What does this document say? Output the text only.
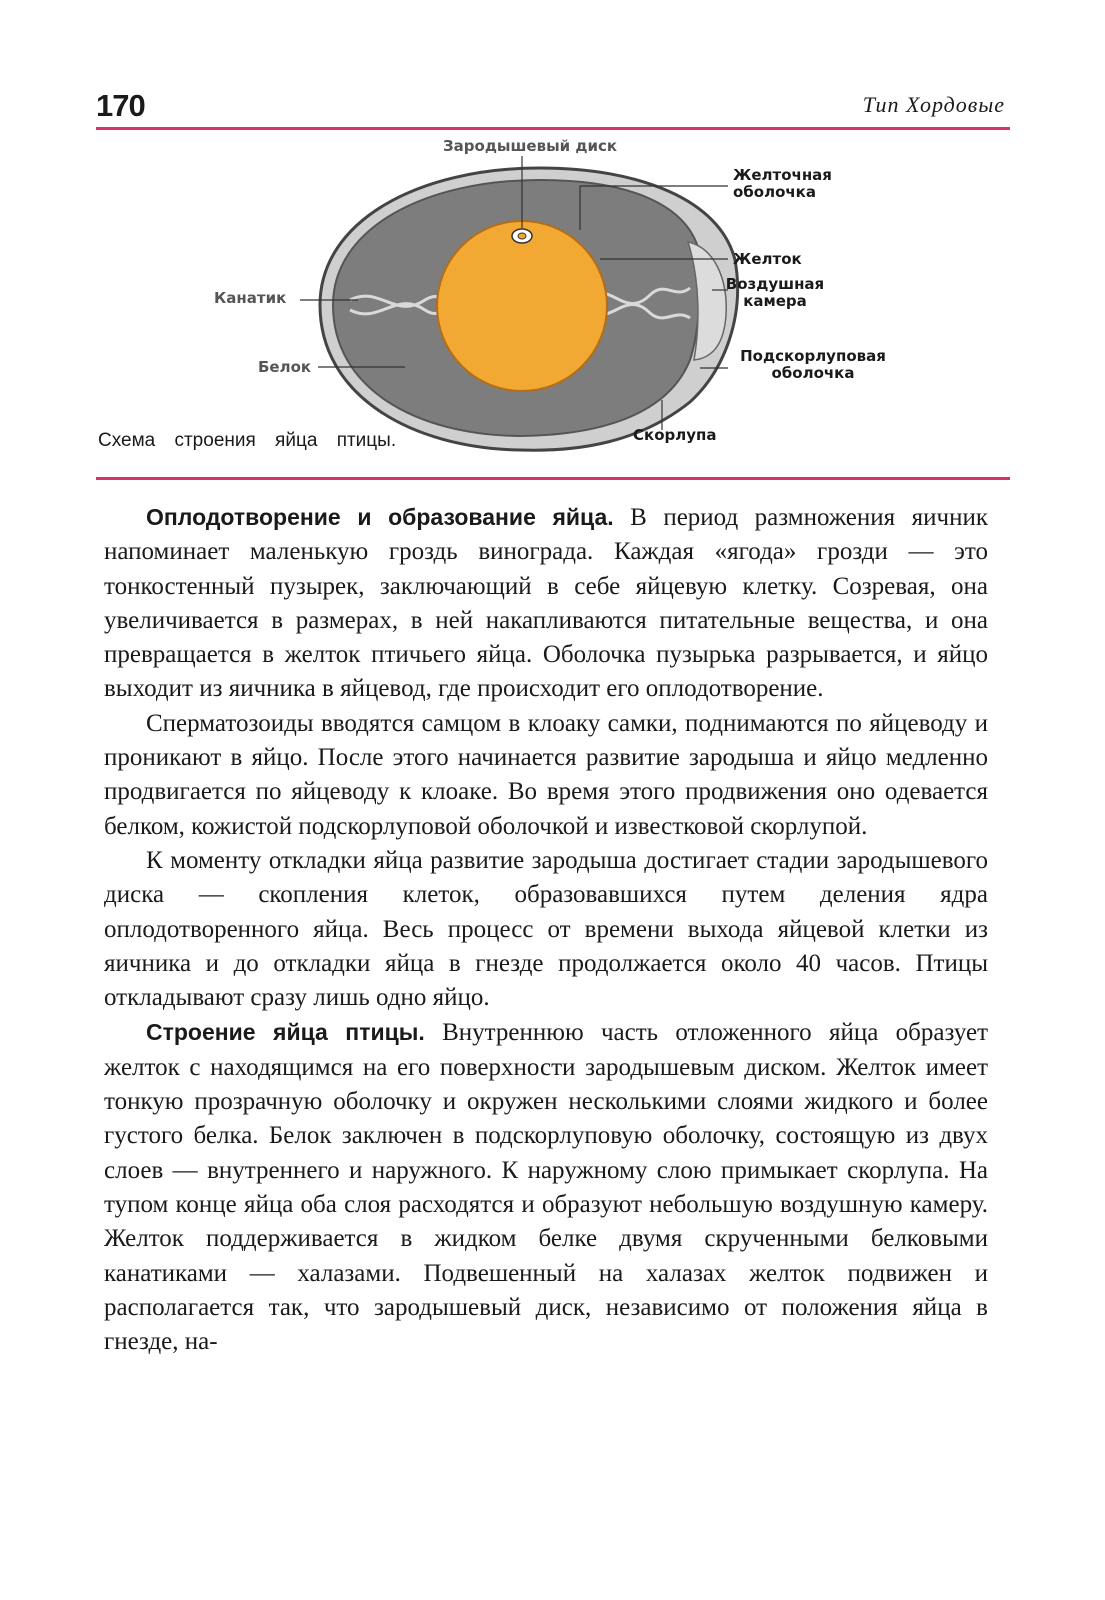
170	Тип Хордовые
Зародышевый диск
Желточная оболочка
Желток
Воздушная камера
Канатик
Белок
Подскорлуповая оболочка
Скорлупа
Схема строения яйца птицы.

Оплодотворение и образование яйца. В период размножения яичник напоминает маленькую гроздь винограда. Каждая «ягода» грозди — это тонкостенный пузырек, заключающий в себе яйцевую клетку. Созревая, она увеличивается в размерах, в ней накапливаются питательные вещества, и она превращается в желток птичьего яйца. Оболочка пузырька разрывается, и яйцо выходит из яичника в яйцевод, где происходит его оплодотворение.

Сперматозоиды вводятся самцом в клоаку самки, поднимаются по яйцеводу и проникают в яйцо. После этого начинается развитие зародыша и яйцо медленно продвигается по яйцеводу к клоаке. Во время этого продвижения оно одевается белком, кожистой подскорлуповой оболочкой и известковой скорлупой.

К моменту откладки яйца развитие зародыша достигает стадии зародышевого диска — скопления клеток, образовавшихся путем деления ядра оплодотворенного яйца. Весь процесс от времени выхода яйцевой клетки из яичника и до откладки яйца в гнезде продолжается около 40 часов. Птицы откладывают сразу лишь одно яйцо.

Строение яйца птицы. Внутреннюю часть отложенного яйца образует желток с находящимся на его поверхности зародышевым диском. Желток имеет тонкую прозрачную оболочку и окружен несколькими слоями жидкого и более густого белка. Белок заключен в подскорлуповую оболочку, состоящую из двух слоев — внутреннего и наружного. К наружному слою примыкает скорлупа. На тупом конце яйца оба слоя расходятся и образуют небольшую воздушную камеру. Желток поддерживается в жидком белке двумя скрученными белковыми канатиками — халазами. Подвешенный на халазах желток подвижен и располагается так, что зародышевый диск, независимо от положения яйца в гнезде, на-
